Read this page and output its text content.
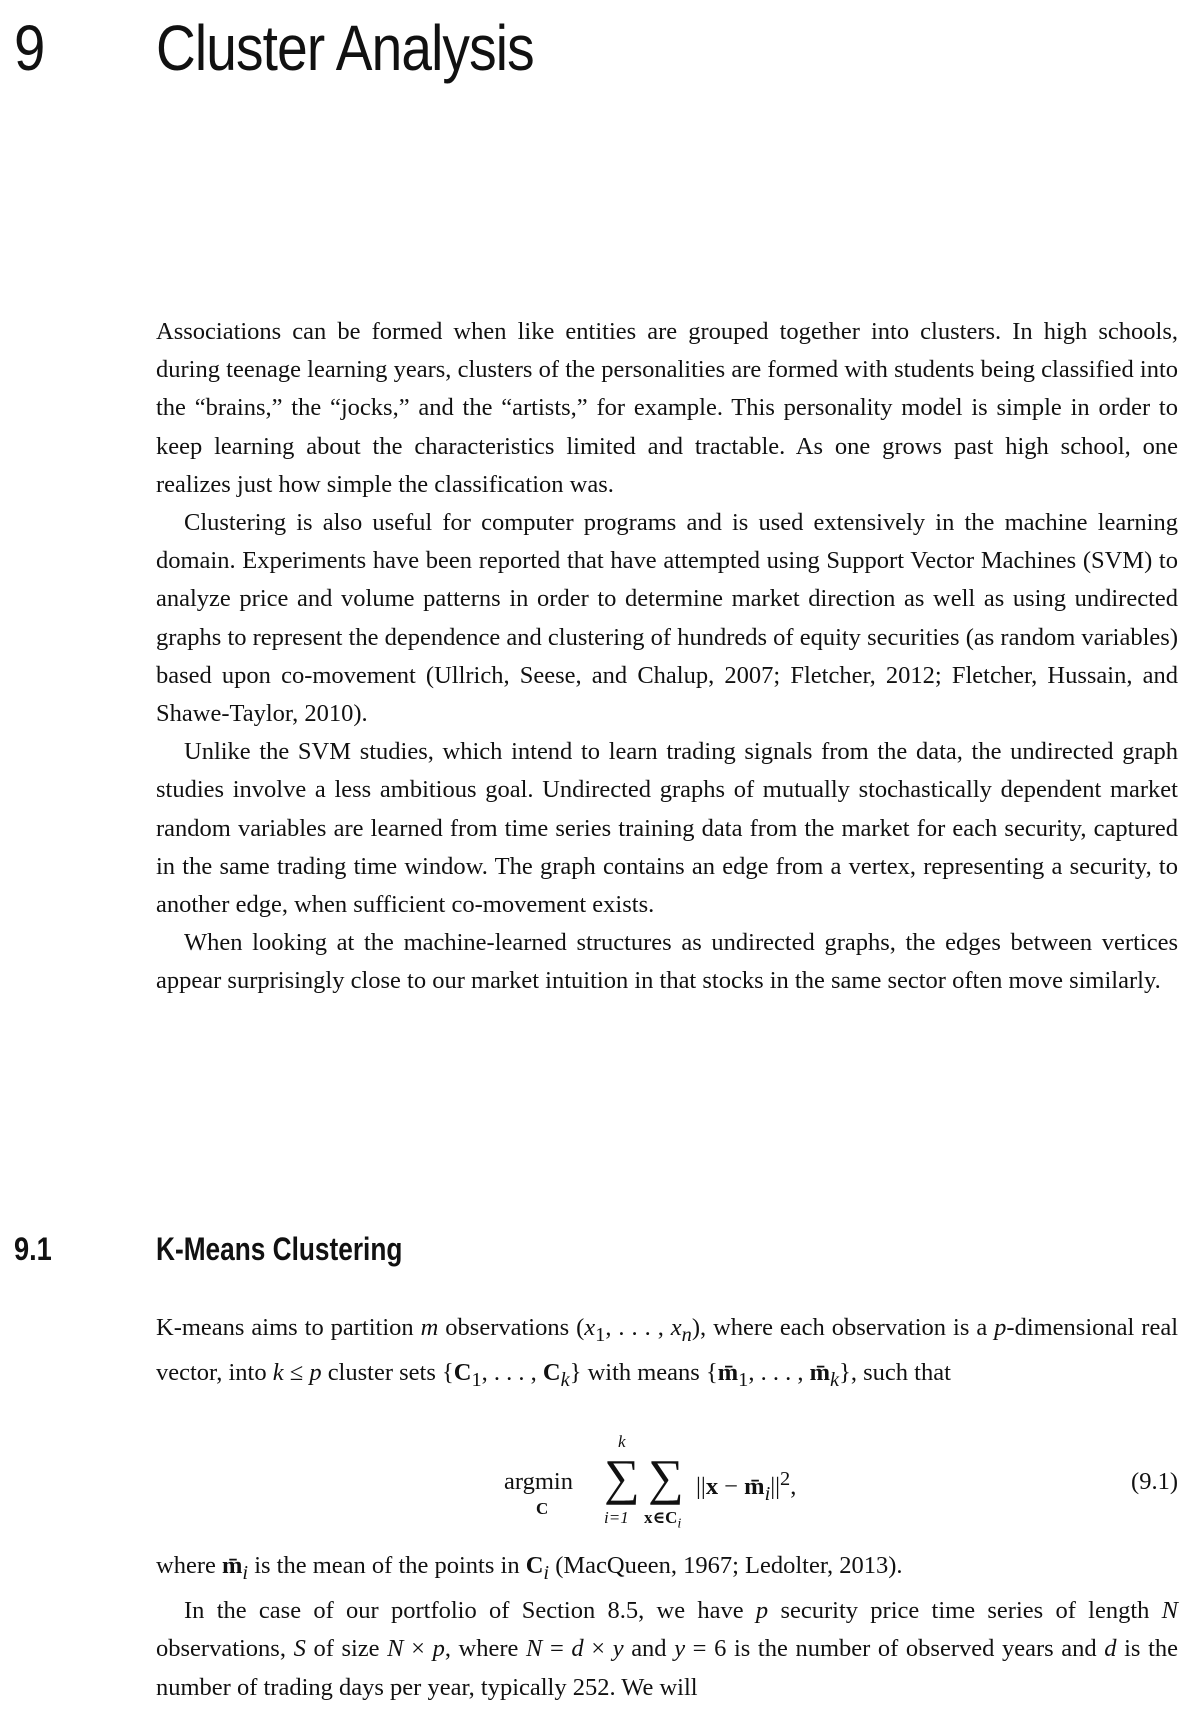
9 Cluster Analysis

Associations can be formed when like entities are grouped together into clusters. In high schools, during teenage learning years, clusters of the personalities are formed with students being classified into the “brains,” the “jocks,” and the “artists,” for example. This personality model is simple in order to keep learning about the characteristics limited and tractable. As one grows past high school, one realizes just how simple the classification was.

Clustering is also useful for computer programs and is used extensively in the machine learning domain. Experiments have been reported that have attempted using Support Vector Machines (SVM) to analyze price and volume patterns in order to determine market direction as well as using undirected graphs to represent the dependence and clustering of hundreds of equity securities (as random variables) based upon co-movement (Ullrich, Seese, and Chalup, 2007; Fletcher, 2012; Fletcher, Hussain, and Shawe-Taylor, 2010).

Unlike the SVM studies, which intend to learn trading signals from the data, the undirected graph studies involve a less ambitious goal. Undirected graphs of mutually stochastically dependent market random variables are learned from time series training data from the market for each security, captured in the same trading time window. The graph contains an edge from a vertex, representing a security, to another edge, when sufficient co-movement exists.

When looking at the machine-learned structures as undirected graphs, the edges between vertices appear surprisingly close to our market intuition in that stocks in the same sector often move similarly.

9.1	K-Means Clustering

K-means aims to partition m observations ($x_1$, . . . , $x_n$), where each observation is a p-dimensional real vector, into k ≤ p cluster sets {$C_1$, . . . , $C_k$} with means {$m̄_1$, . . . , $m̄_k$}, such that

argmin
C
k
∑ ∑
i=1 $x\in C_i$
$||x - m̄_i||^2$,	(9.1)

where $m̄_i$ is the mean of the points in $C_i$ (MacQueen, 1967; Ledolter, 2013).

In the case of our portfolio of Section 8.5, we have p security price time series of length N observations, S of size N × p, where N = d × y and y = 6 is the number of observed years and d is the number of trading days per year, typically 252. We will
